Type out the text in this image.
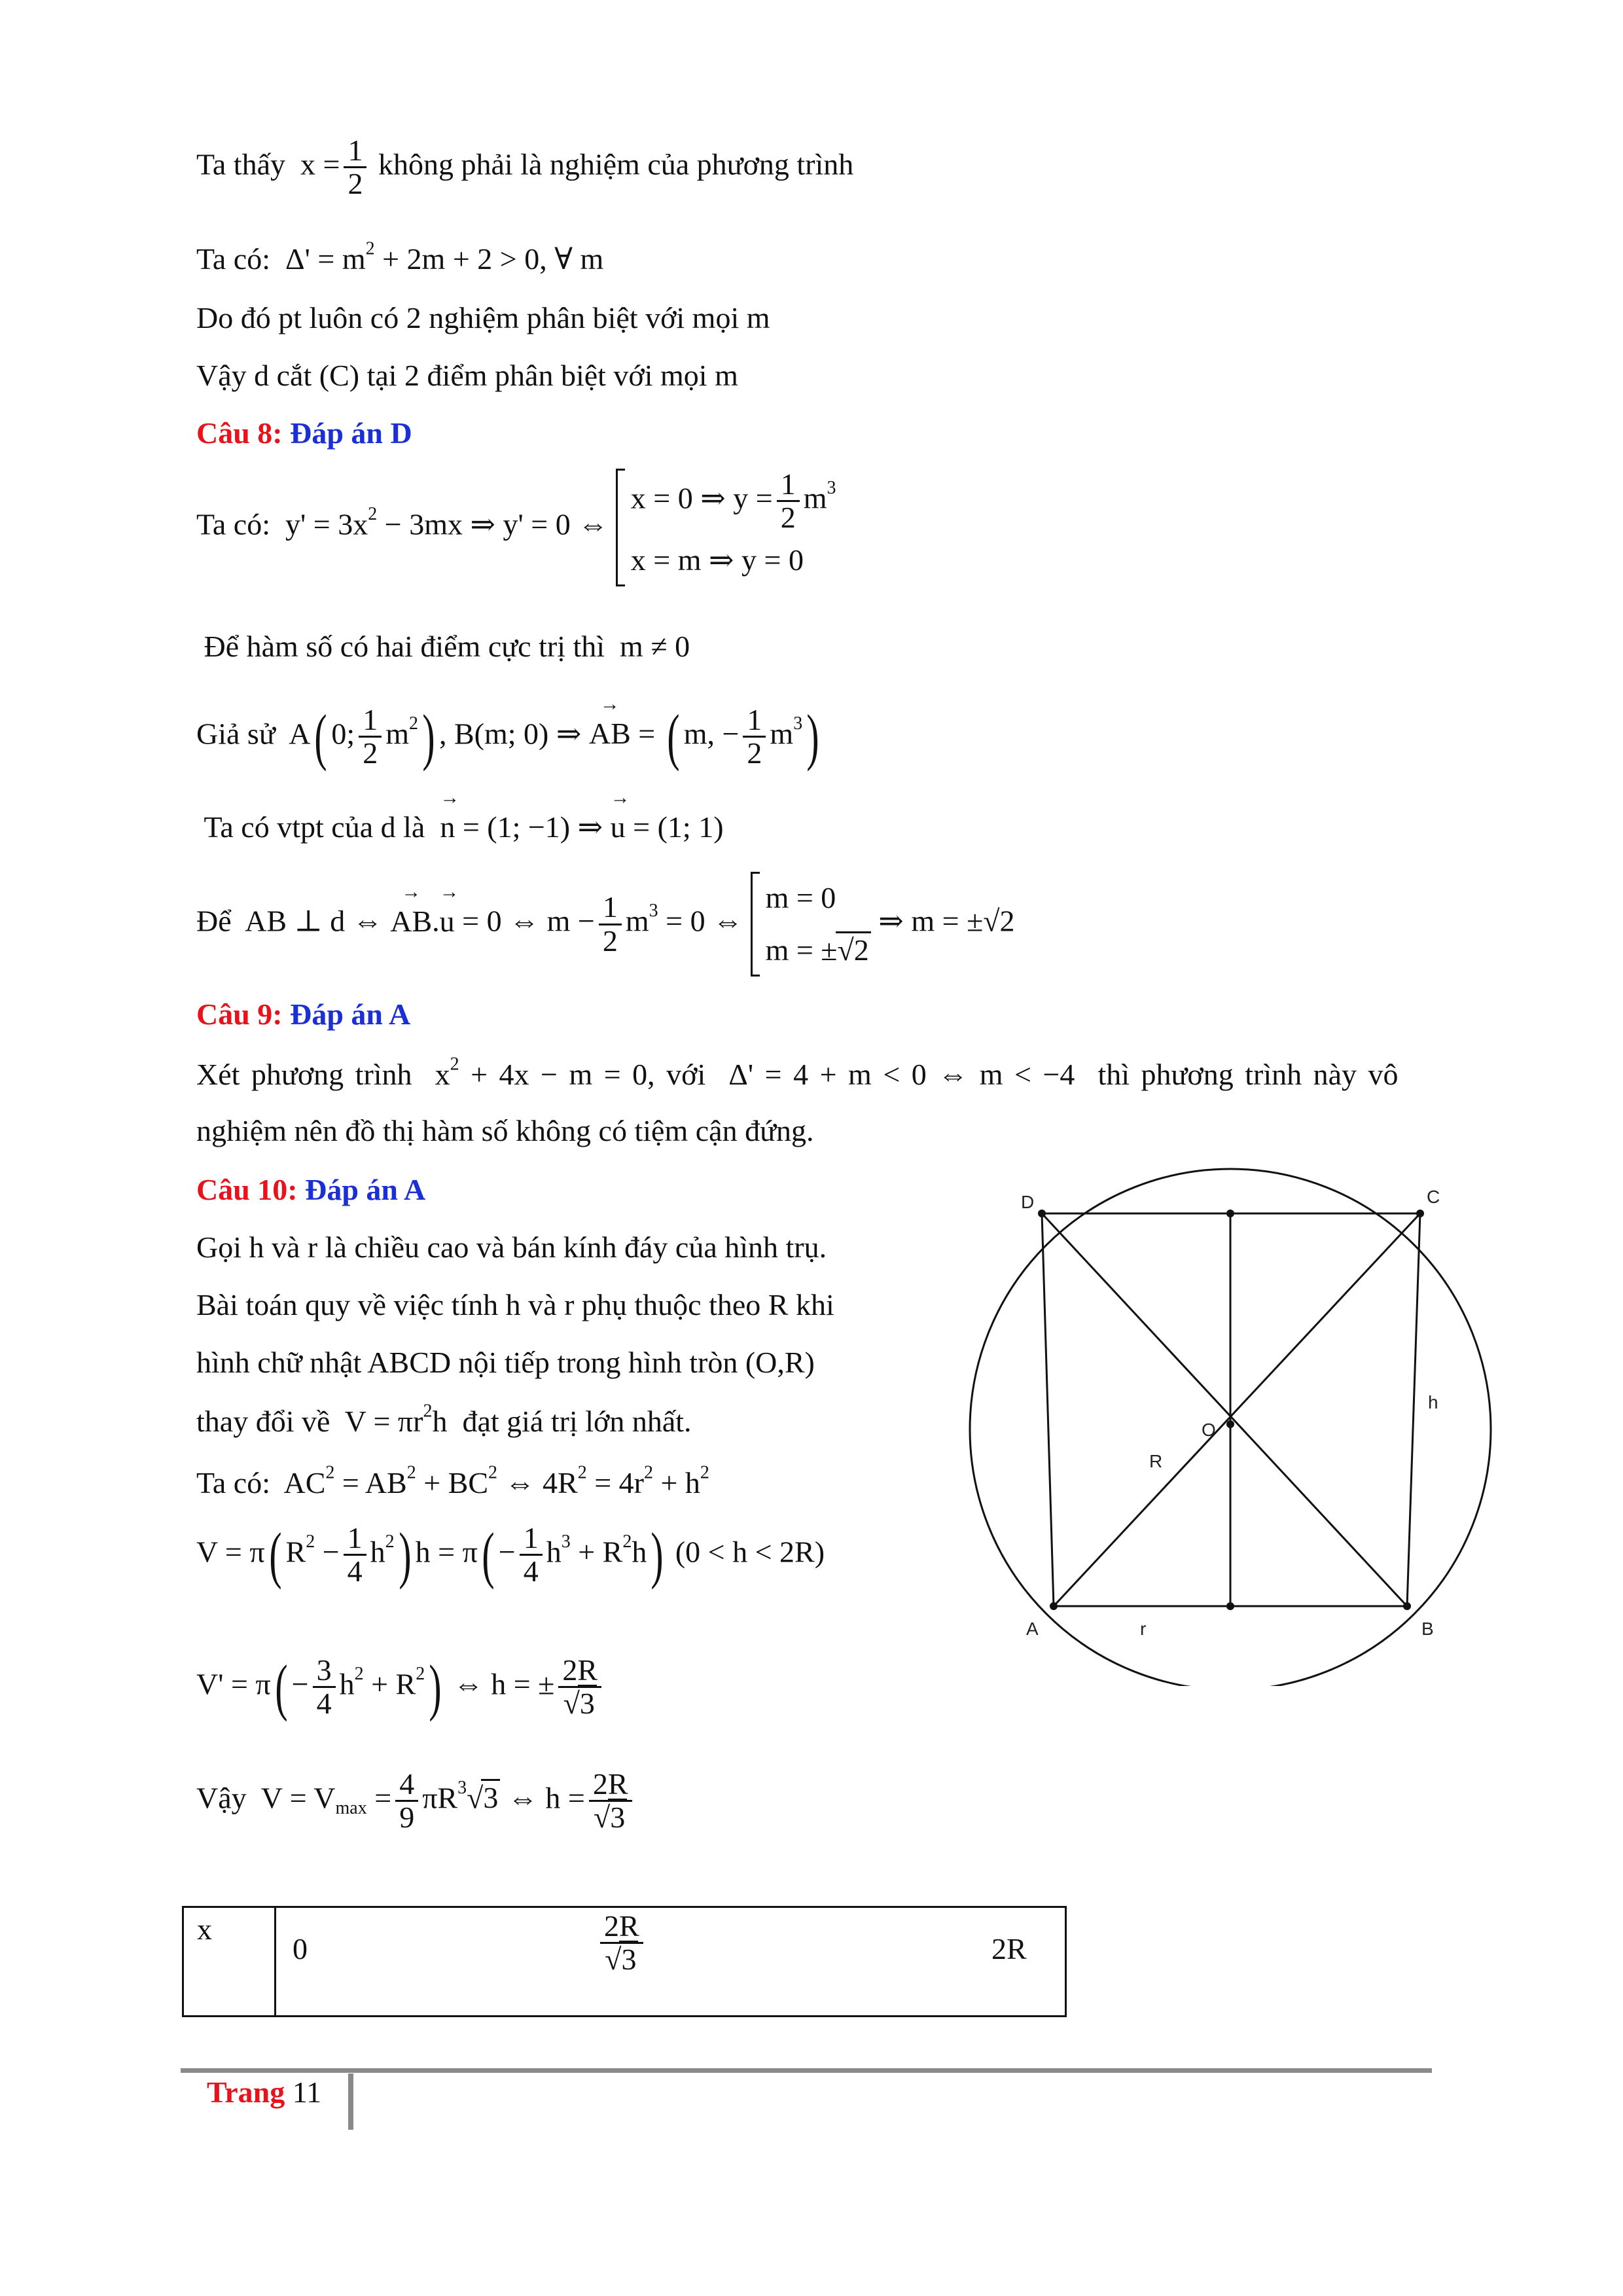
Ta thấy  $x = \frac{1}{2}$ không phải là nghiệm của phương trình
Ta có:  $\Delta' = m^2 + 2m + 2 > 0$, ∀ m
Do đó pt luôn có 2 nghiệm phân biệt với mọi m
Vậy d cắt (C) tại 2 điểm phân biệt với mọi m
Câu 8: Đáp án D
Ta có:  $y' = 3x^2 - 3mx$ ⇒ y' = 0 ⇔
x = 0 ⇒ $y = \frac{1}{2} m^3$
x = m ⇒ y = 0
Để hàm số có hai điểm cực trị thì  m ≠ 0
Giả sử  A( 0; $\frac{1}{2} m^2$) , B(m; 0) ⇒ → AB = ( m, − $\frac{1}{2} m^3$)
Ta có vtpt của d là  → n = (1; −1) ⇒ → u = (1; 1)
Để  AB ⊥ d ⇔ → AB.→ u = 0 ⇔ $m - \frac{1}{2} m^3 = 0$ ⇔
m = 0
m = ±√2
⇒ m = ±√2
Câu 9: Đáp án A
Xét phương trình  $x^2 + 4x - m = 0$, với  Δ' = 4 + m < 0 ⇔ m < −4  thì phương trình này vô
nghiệm nên đồ thị hàm số không có tiệm cận đứng.
Câu 10: Đáp án A
Gọi h và r là chiều cao và bán kính đáy của hình trụ.
Bài toán quy về việc tính h và r phụ thuộc theo R khi
hình chữ nhật ABCD nội tiếp trong hình tròn (O,R)
thay đổi về  $V = \pi r^2h$  đạt giá trị lớn nhất.
Ta có:  $AC^2 = AB^2 + BC^2$ ⇔ $4R^2 = 4r^2 + h^2$
V = π( $R^2 - \frac{1}{4} h^2$) $h = \pi( - \frac{1}{4} h^3 + R^2h)$ (0 < h < 2R)
$V' = \pi( - \frac{3}{4} h^2 + R^2)$ ⇔ h = ± $\frac{2R}{√3}$
Vậy  $V = V_{max} = \frac{4}{9} \pi R^3√3$ ⇔ $h = \frac{2R}{√3}$
D	C
A	B
O
R
h
r
x
0	$\frac{2R}{√3}$	2R
Trang 11
